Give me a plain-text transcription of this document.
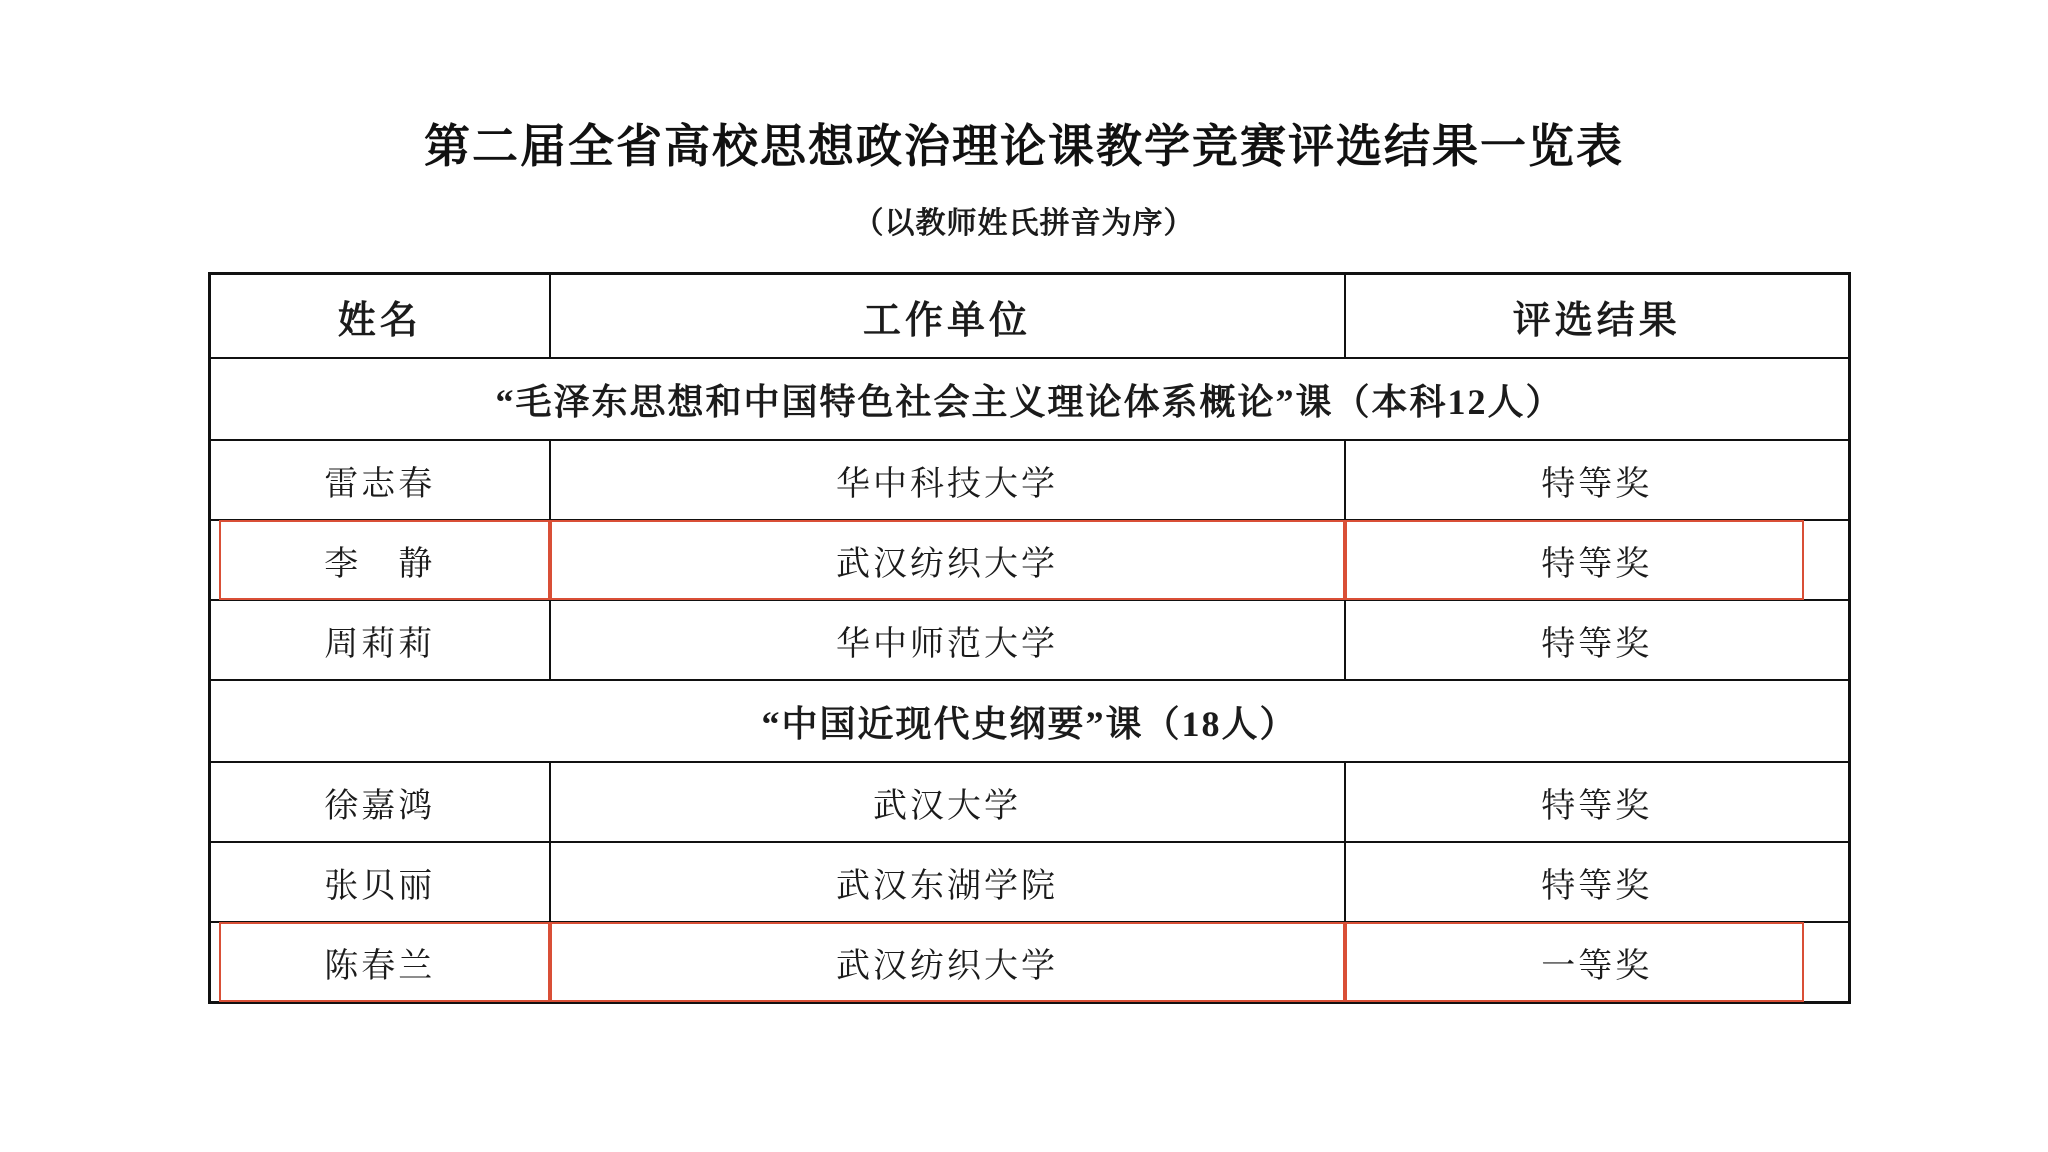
第二届全省高校思想政治理论课教学竞赛评选结果一览表
（以教师姓氏拼音为序）
姓名	工作单位	评选结果
“毛泽东思想和中国特色社会主义理论体系概论”课（本科12人）		
雷志春	华中科技大学	特等奖
李　静	武汉纺织大学	特等奖
周莉莉	华中师范大学	特等奖
“中国近现代史纲要”课（18人）		
徐嘉鸿	武汉大学	特等奖
张贝丽	武汉东湖学院	特等奖
陈春兰	武汉纺织大学	一等奖
